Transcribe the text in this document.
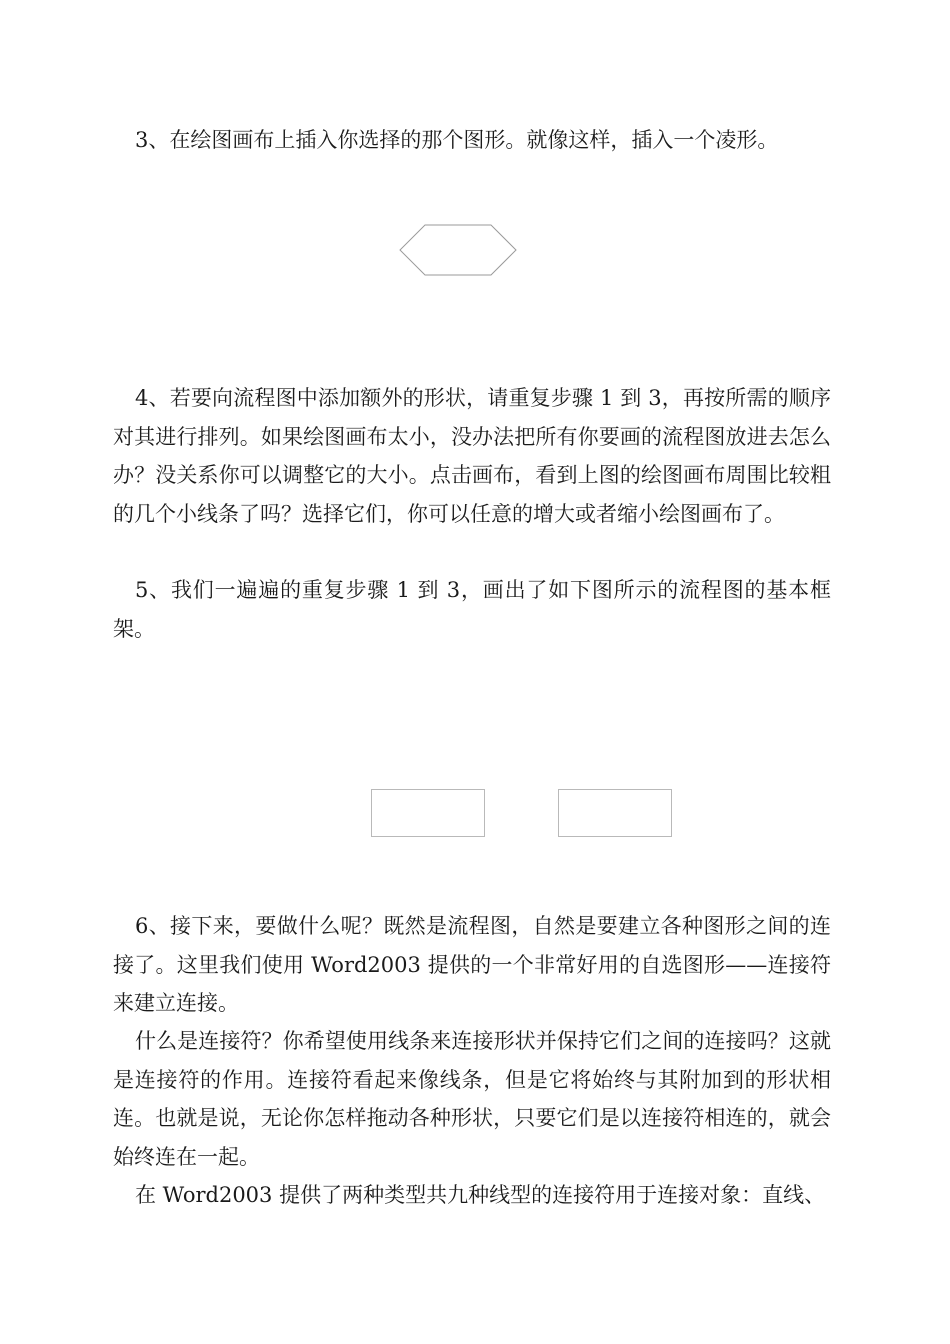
3、在绘图画布上插入你选择的那个图形。就像这样，插入一个凌形。

4、若要向流程图中添加额外的形状，请重复步骤 1 到 3，再按所需的顺序对其进行排列。如果绘图画布太小，没办法把所有你要画的流程图放进去怎么办？没关系你可以调整它的大小。点击画布，看到上图的绘图画布周围比较粗的几个小线条了吗？选择它们，你可以任意的增大或者缩小绘图画布了。

5、我们一遍遍的重复步骤 1 到 3，画出了如下图所示的流程图的基本框架。

6、接下来，要做什么呢？既然是流程图，自然是要建立各种图形之间的连接了。这里我们使用 Word2003 提供的一个非常好用的自选图形——连接符来建立连接。

什么是连接符？你希望使用线条来连接形状并保持它们之间的连接吗？这就是连接符的作用。连接符看起来像线条，但是它将始终与其附加到的形状相连。也就是说，无论你怎样拖动各种形状，只要它们是以连接符相连的，就会始终连在一起。

在 Word2003 提供了两种类型共九种线型的连接符用于连接对象：直线、
